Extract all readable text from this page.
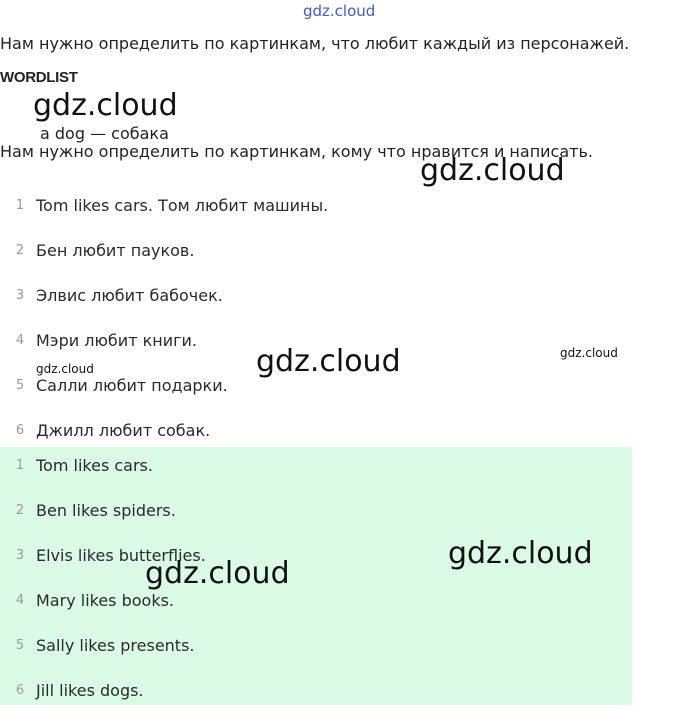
gdz.cloud
Нам нужно определить по картинкам, что любит каждый из персонажей.
WORDLIST
a dog — собака
gdz.cloud
Нам нужно определить по картинкам, кому что нравится и написать.
gdz.cloud
1 Tom likes cars. Том любит машины.
2 Бен любит пауков.
3 Элвис любит бабочек.
4 Мэри любит книги.
5 Салли любит подарки.
6 Джилл любит собак.
gdz.cloud	gdz.cloud
gdz.cloud
1 Tom likes cars.
2 Ben likes spiders.
3 Elvis likes butterflies.
4 Mary likes books.
5 Sally likes presents.
6 Jill likes dogs.
gdz.cloud
gdz.cloud
